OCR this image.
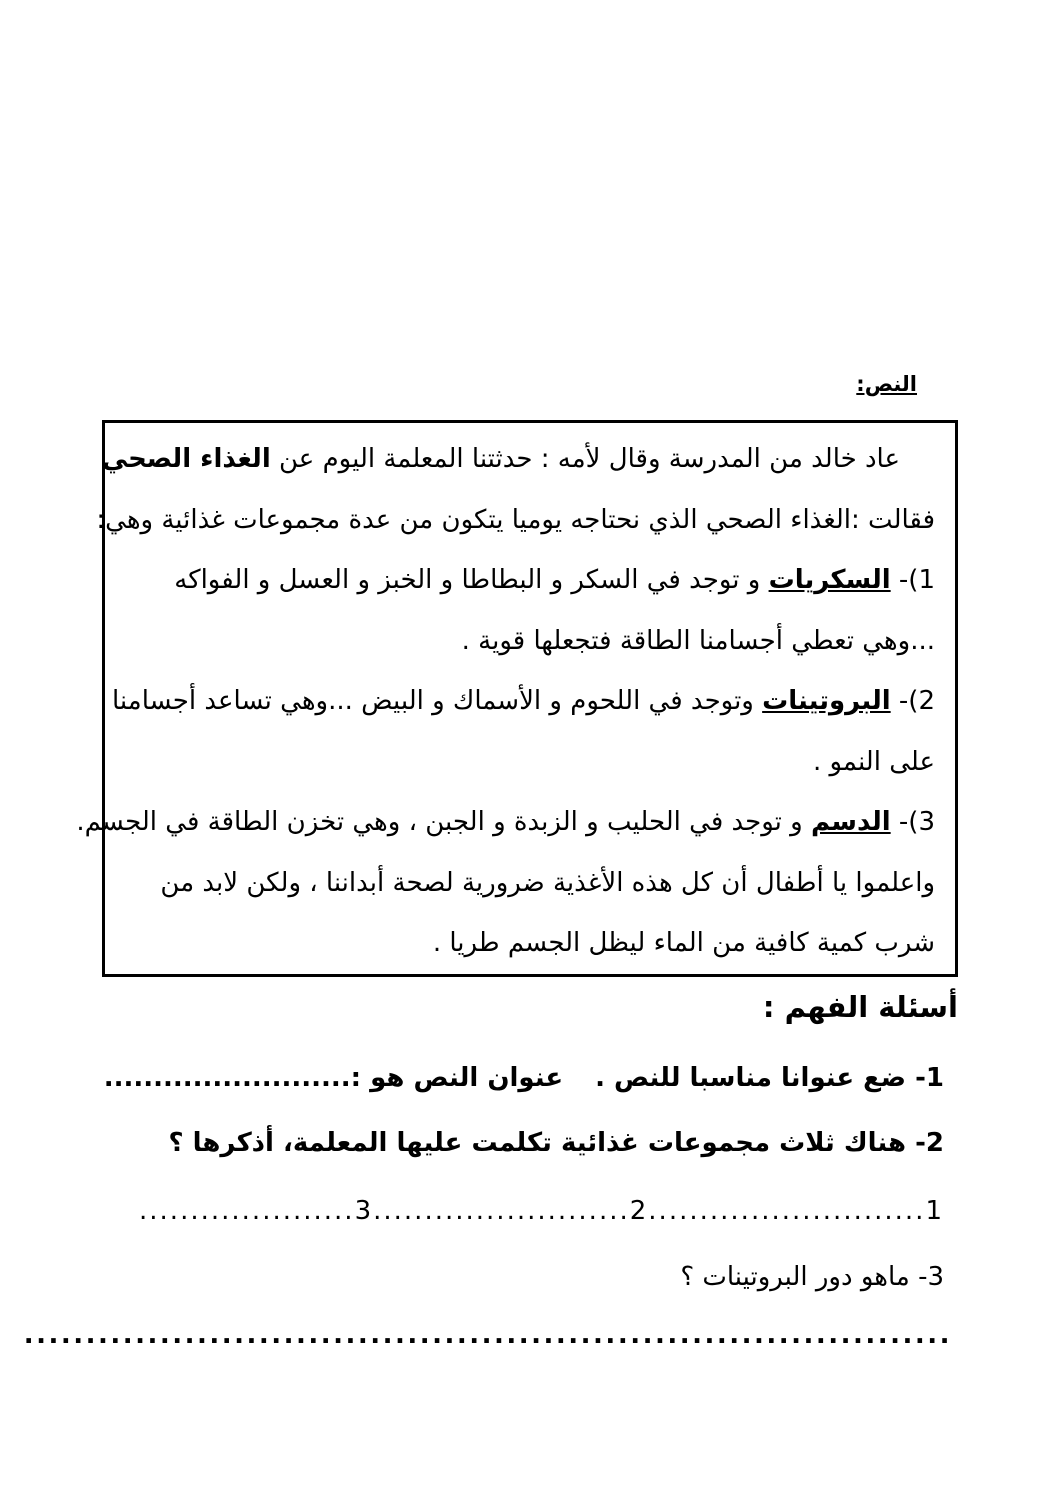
النص:
عاد خالد من المدرسة وقال لأمه : حدثتنا المعلمة اليوم عن الغذاء الصحي
فقالت :الغذاء الصحي الذي نحتاجه يوميا يتكون من عدة مجموعات غذائية وهي:
1)- السكريات و توجد في السكر و البطاطا و الخبز و العسل و الفواكه
...وهي تعطي أجسامنا الطاقة فتجعلها قوية .
2)- البروتينات وتوجد في اللحوم و الأسماك و البيض ...وهي تساعد أجسامنا
على النمو .
3)- الدسم و توجد في الحليب و الزبدة و الجبن ، وهي تخزن الطاقة في الجسم.
واعلموا يا أطفال أن كل هذه الأغذية ضرورية لصحة أبداننا ، ولكن لابد من
شرب كمية كافية من الماء ليظل الجسم طريا .
أسئلة الفهم :
1- ضع عنوانا مناسبا للنص .عنوان النص هو :.........................
2- هناك ثلاث مجموعات غذائية تكلمت عليها المعلمة، أذكرها ؟
1...........................2.........................3.....................
3- ماهو دور البروتينات ؟
...........................................................................
